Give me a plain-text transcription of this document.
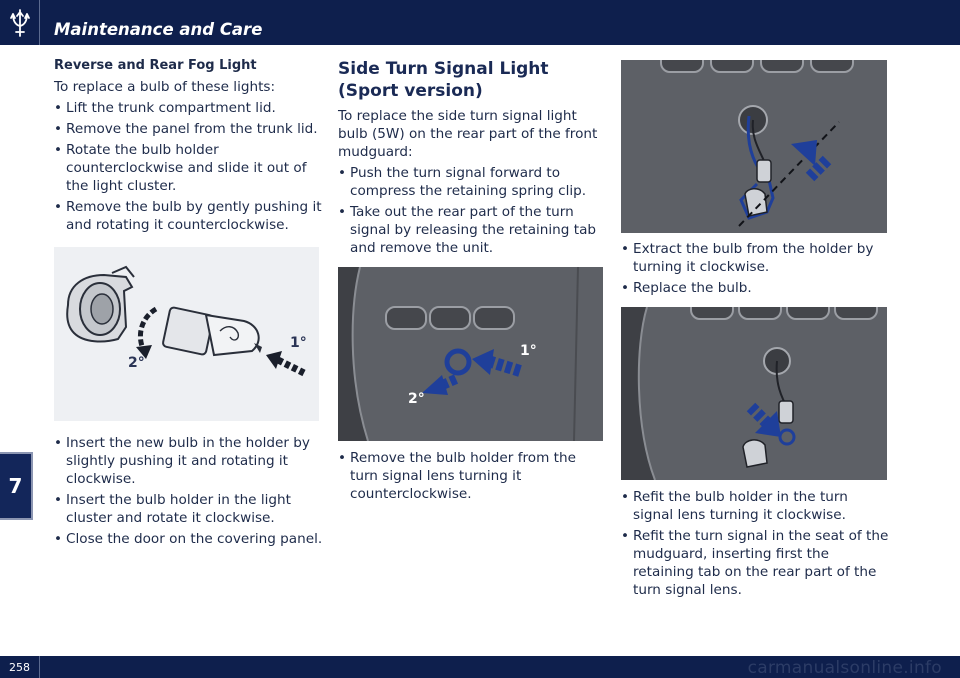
Maintenance and Care
7
Reverse and Rear Fog Light

To replace a bulb of these lights:

• Lift the trunk compartment lid.
• Remove the panel from the trunk lid.
• Rotate the bulb holder counterclockwise and slide it out of the light cluster.
• Remove the bulb by gently pushing it and rotating it counterclockwise.
1°
2°
• Insert the new bulb in the holder by slightly pushing it and rotating it clockwise.
• Insert the bulb holder in the light cluster and rotate it clockwise.
• Close the door on the covering panel.
Side Turn Signal Light (Sport version)

To replace the side turn signal light bulb (5W) on the rear part of the front mudguard:

• Push the turn signal forward to compress the retaining spring clip.
• Take out the rear part of the turn signal by releasing the retaining tab and remove the unit.
1°
2°
• Remove the bulb holder from the turn signal lens turning it counterclockwise.
• Extract the bulb from the holder by turning it clockwise.
• Replace the bulb.
• Refit the bulb holder in the turn signal lens turning it clockwise.
• Refit the turn signal in the seat of the mudguard, inserting first the retaining tab on the rear part of the turn signal lens.
258	carmanualsonline.info
